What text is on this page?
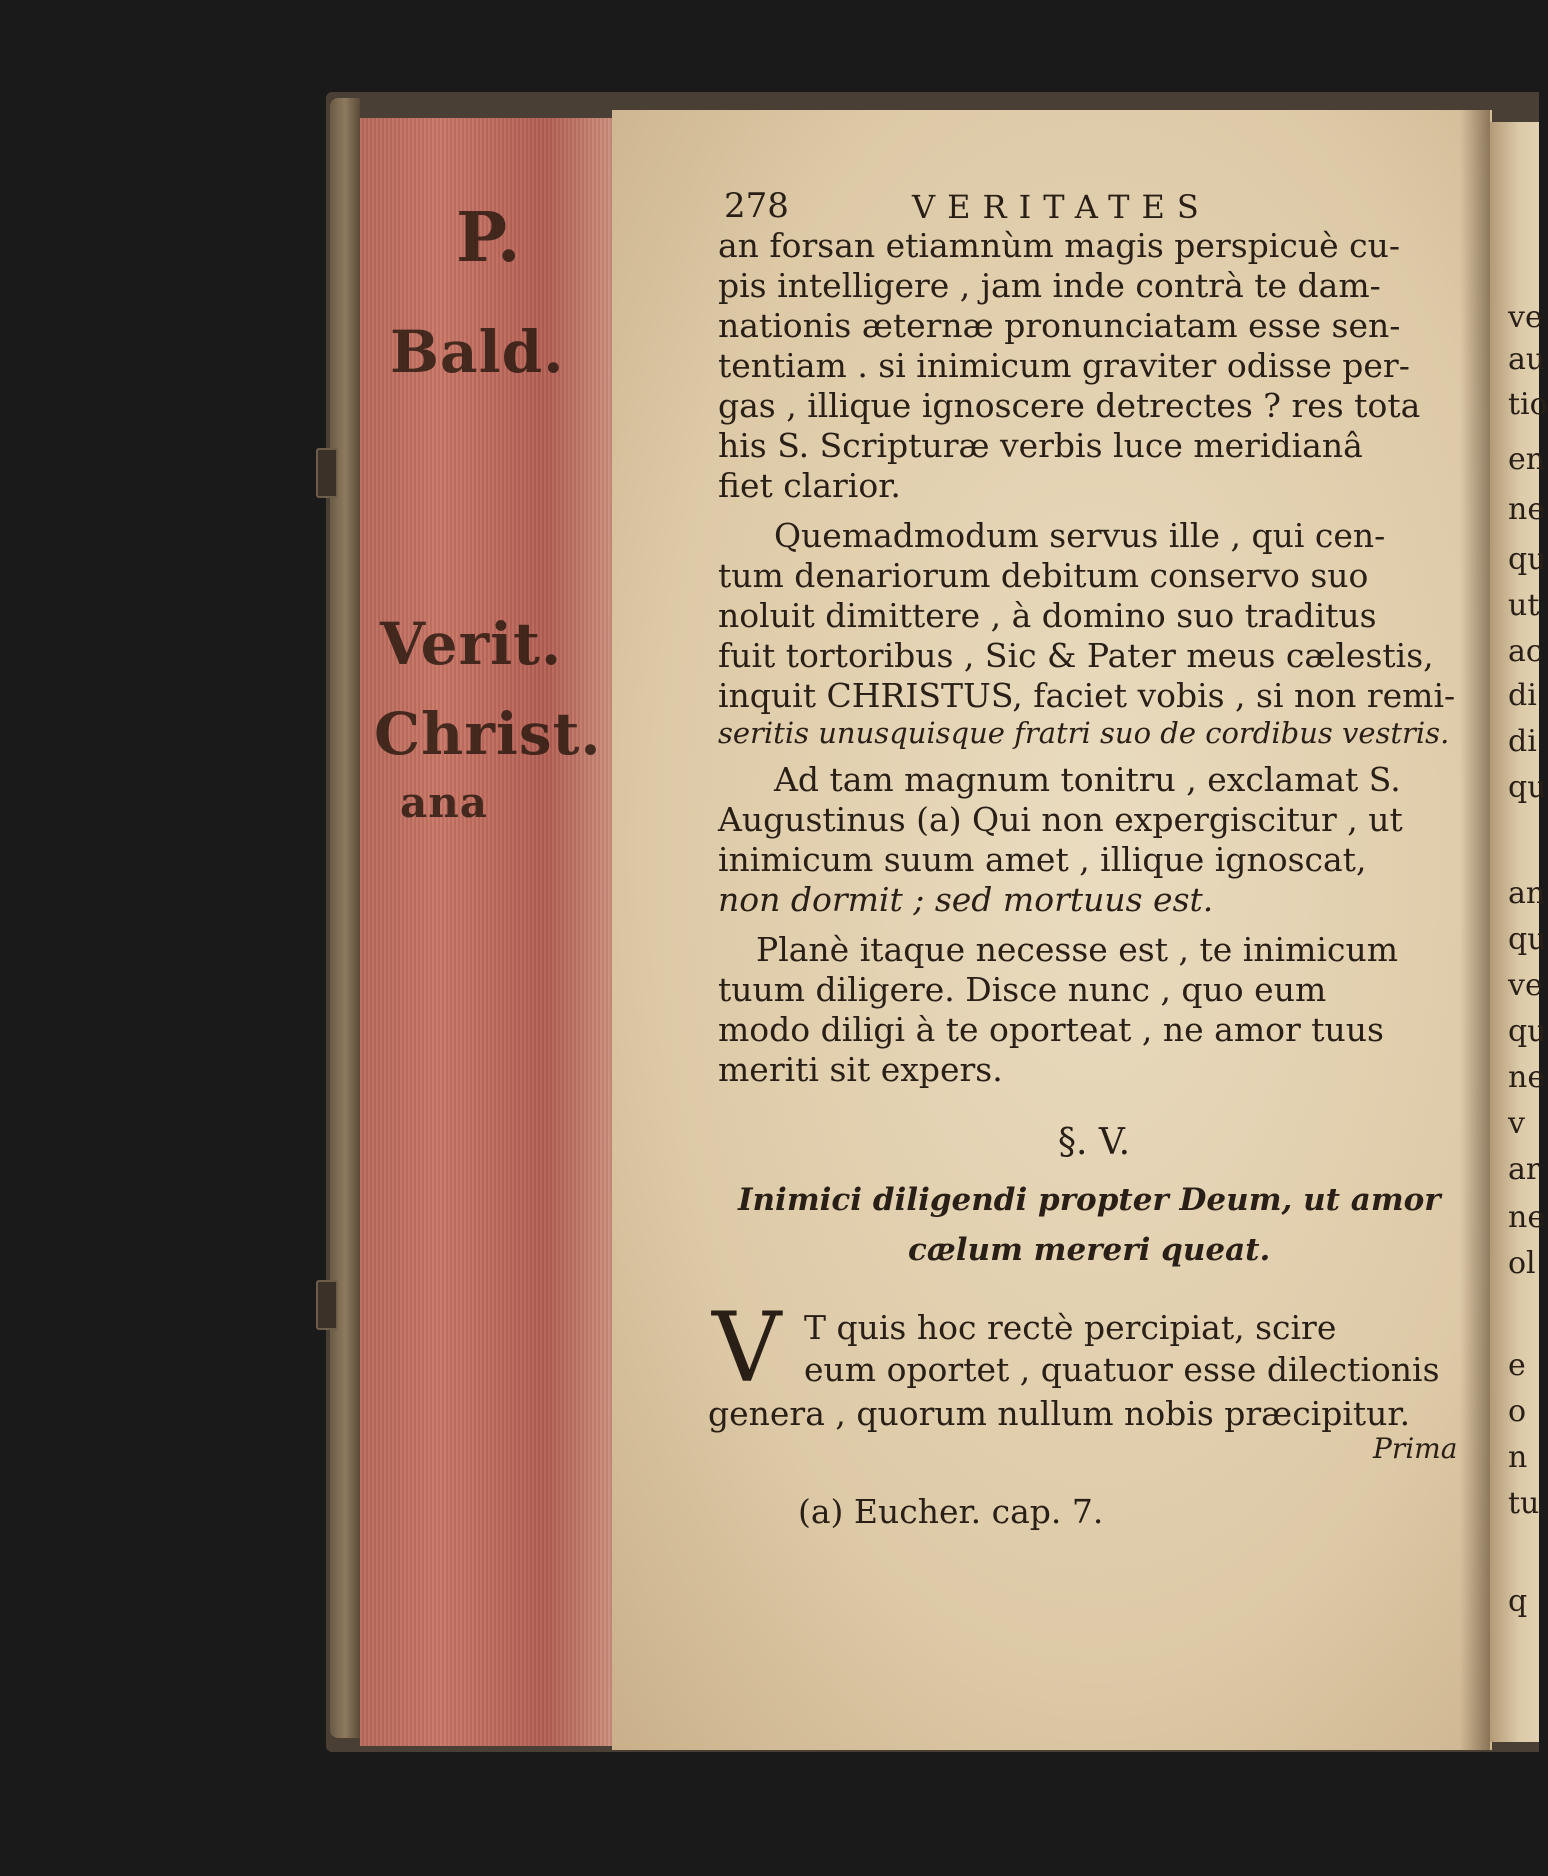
P.
Bald.
Verit.
Christ.
ana
ve
au
tio
en
ne
qu
ut
ac
di
di
qu
an
qu
ve
qu
ne
v
ar
ne
ol
e
o
n
tu
q
278	VERITATES
an forsan etiamnùm magis perspicuè cu-
pis intelligere , jam inde contrà te dam-
nationis æternæ pronunciatam esse sen-
tentiam . si inimicum graviter odisse per-
gas , illique ignoscere detrectes ? res tota
his S. Scripturæ verbis luce meridianâ
fiet clarior.
Quemadmodum servus ille , qui cen-
tum denariorum debitum conservo suo
noluit dimittere , à domino suo traditus
fuit tortoribus , Sic & Pater meus cælestis,
inquit CHRISTUS, faciet vobis , si non remi-
seritis unusquisque fratri suo de cordibus vestris.
Ad tam magnum tonitru , exclamat S.
Augustinus (a) Qui non expergiscitur , ut
inimicum suum amet , illique ignoscat,
non dormit ; sed mortuus est.
Planè itaque necesse est , te inimicum
tuum diligere. Disce nunc , quo eum
modo diligi à te oporteat , ne amor tuus
meriti sit expers.
§. V.
Inimici diligendi propter Deum, ut amor
cælum mereri queat.
V T quis hoc rectè percipiat, scire
eum oportet , quatuor esse dilectionis
genera , quorum nullum nobis præcipitur.
Prima
(a) Eucher. cap. 7.
